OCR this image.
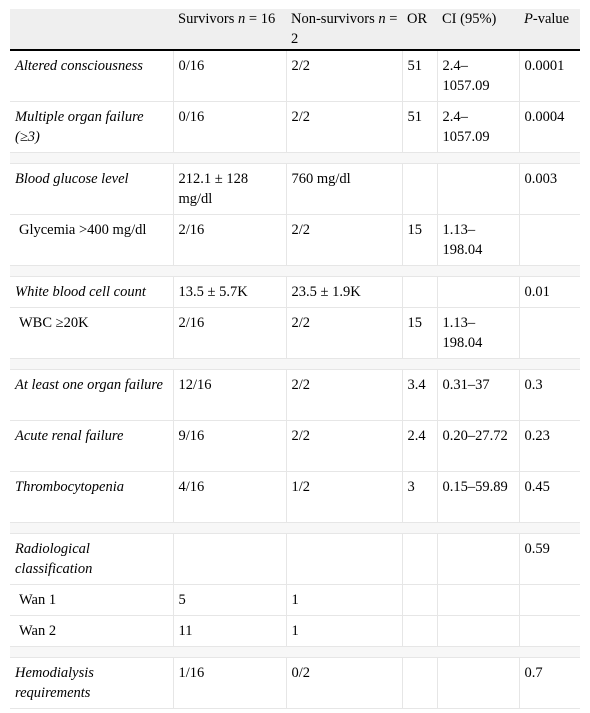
	Survivors n = 16	Non-survivors n = 2	OR	CI (95%)	P-value
Altered consciousness	0/16	2/2	51	2.4–1057.09	0.0001
Multiple organ failure (≥3)	0/16	2/2	51	2.4–1057.09	0.0004

Blood glucose level	212.1 ± 128 mg/dl	760 mg/dl			0.003
Glycemia >400 mg/dl	2/16	2/2	15	1.13–198.04	

White blood cell count	13.5 ± 5.7K	23.5 ± 1.9K			0.01
WBC ≥20K	2/16	2/2	15	1.13–198.04	

At least one organ failure	12/16	2/2	3.4	0.31–37	0.3
Acute renal failure	9/16	2/2	2.4	0.20–27.72	0.23
Thrombocytopenia	4/16	1/2	3	0.15–59.89	0.45

Radiological classification					0.59
Wan 1	5	1			
Wan 2	11	1			

Hemodialysis requirements	1/16	0/2			0.7
